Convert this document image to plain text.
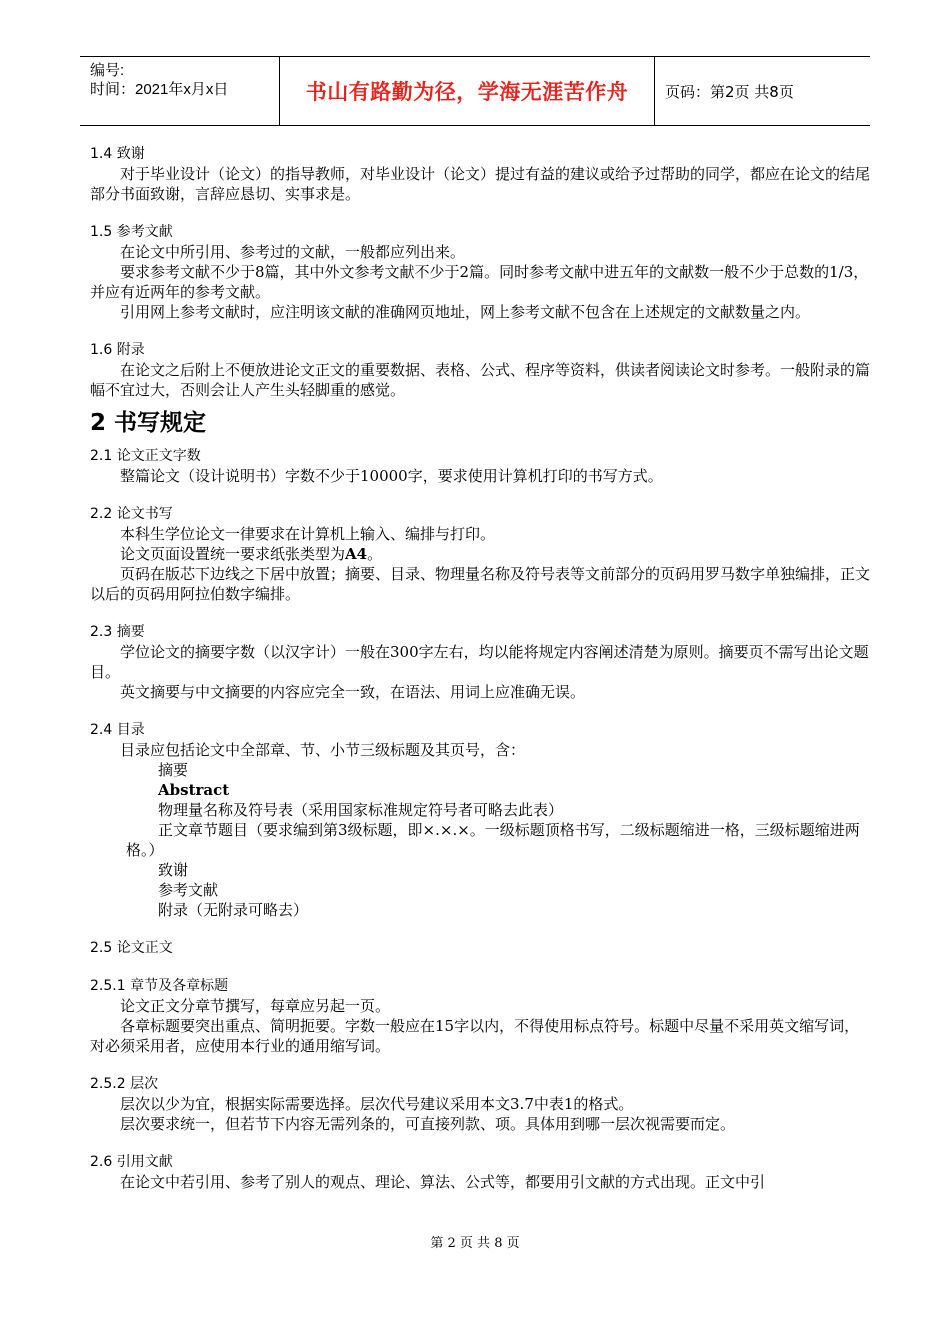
编号:
时间：2021年x月x日	书山有路勤为径，学海无涯苦作舟	页码：第2页 共8页
1.4 致谢
对于毕业设计（论文）的指导教师，对毕业设计（论文）提过有益的建议或给予过帮助的同学，都应在论文的结尾部分书面致谢，言辞应恳切、实事求是。
1.5 参考文献
在论文中所引用、参考过的文献，一般都应列出来。
要求参考文献不少于8篇，其中外文参考文献不少于2篇。同时参考文献中进五年的文献数一般不少于总数的1/3，并应有近两年的参考文献。
引用网上参考文献时，应注明该文献的准确网页地址，网上参考文献不包含在上述规定的文献数量之内。
1.6 附录
在论文之后附上不便放进论文正文的重要数据、表格、公式、程序等资料，供读者阅读论文时参考。一般附录的篇幅不宜过大，否则会让人产生头轻脚重的感觉。
2 书写规定
2.1 论文正文字数
整篇论文（设计说明书）字数不少于10000字，要求使用计算机打印的书写方式。
2.2 论文书写
本科生学位论文一律要求在计算机上输入、编排与打印。
论文页面设置统一要求纸张类型为A4。
页码在版芯下边线之下居中放置；摘要、目录、物理量名称及符号表等文前部分的页码用罗马数字单独编排，正文以后的页码用阿拉伯数字编排。
2.3 摘要
学位论文的摘要字数（以汉字计）一般在300字左右，均以能将规定内容阐述清楚为原则。摘要页不需写出论文题目。
英文摘要与中文摘要的内容应完全一致，在语法、用词上应准确无误。
2.4 目录
目录应包括论文中全部章、节、小节三级标题及其页号，含：
摘要
Abstract
物理量名称及符号表（采用国家标准规定符号者可略去此表）
正文章节题目（要求编到第3级标题，即×.×.×。一级标题顶格书写，二级标题缩进一格，三级标题缩进两格。）
致谢
参考文献
附录（无附录可略去）
2.5 论文正文
2.5.1 章节及各章标题
论文正文分章节撰写，每章应另起一页。
各章标题要突出重点、简明扼要。字数一般应在15字以内，不得使用标点符号。标题中尽量不采用英文缩写词，对必须采用者，应使用本行业的通用缩写词。
2.5.2 层次
层次以少为宜，根据实际需要选择。层次代号建议采用本文3.7中表1的格式。
层次要求统一，但若节下内容无需列条的，可直接列款、项。具体用到哪一层次视需要而定。
2.6 引用文献
在论文中若引用、参考了别人的观点、理论、算法、公式等，都要用引文献的方式出现。正文中引
第 2 页 共 8 页
